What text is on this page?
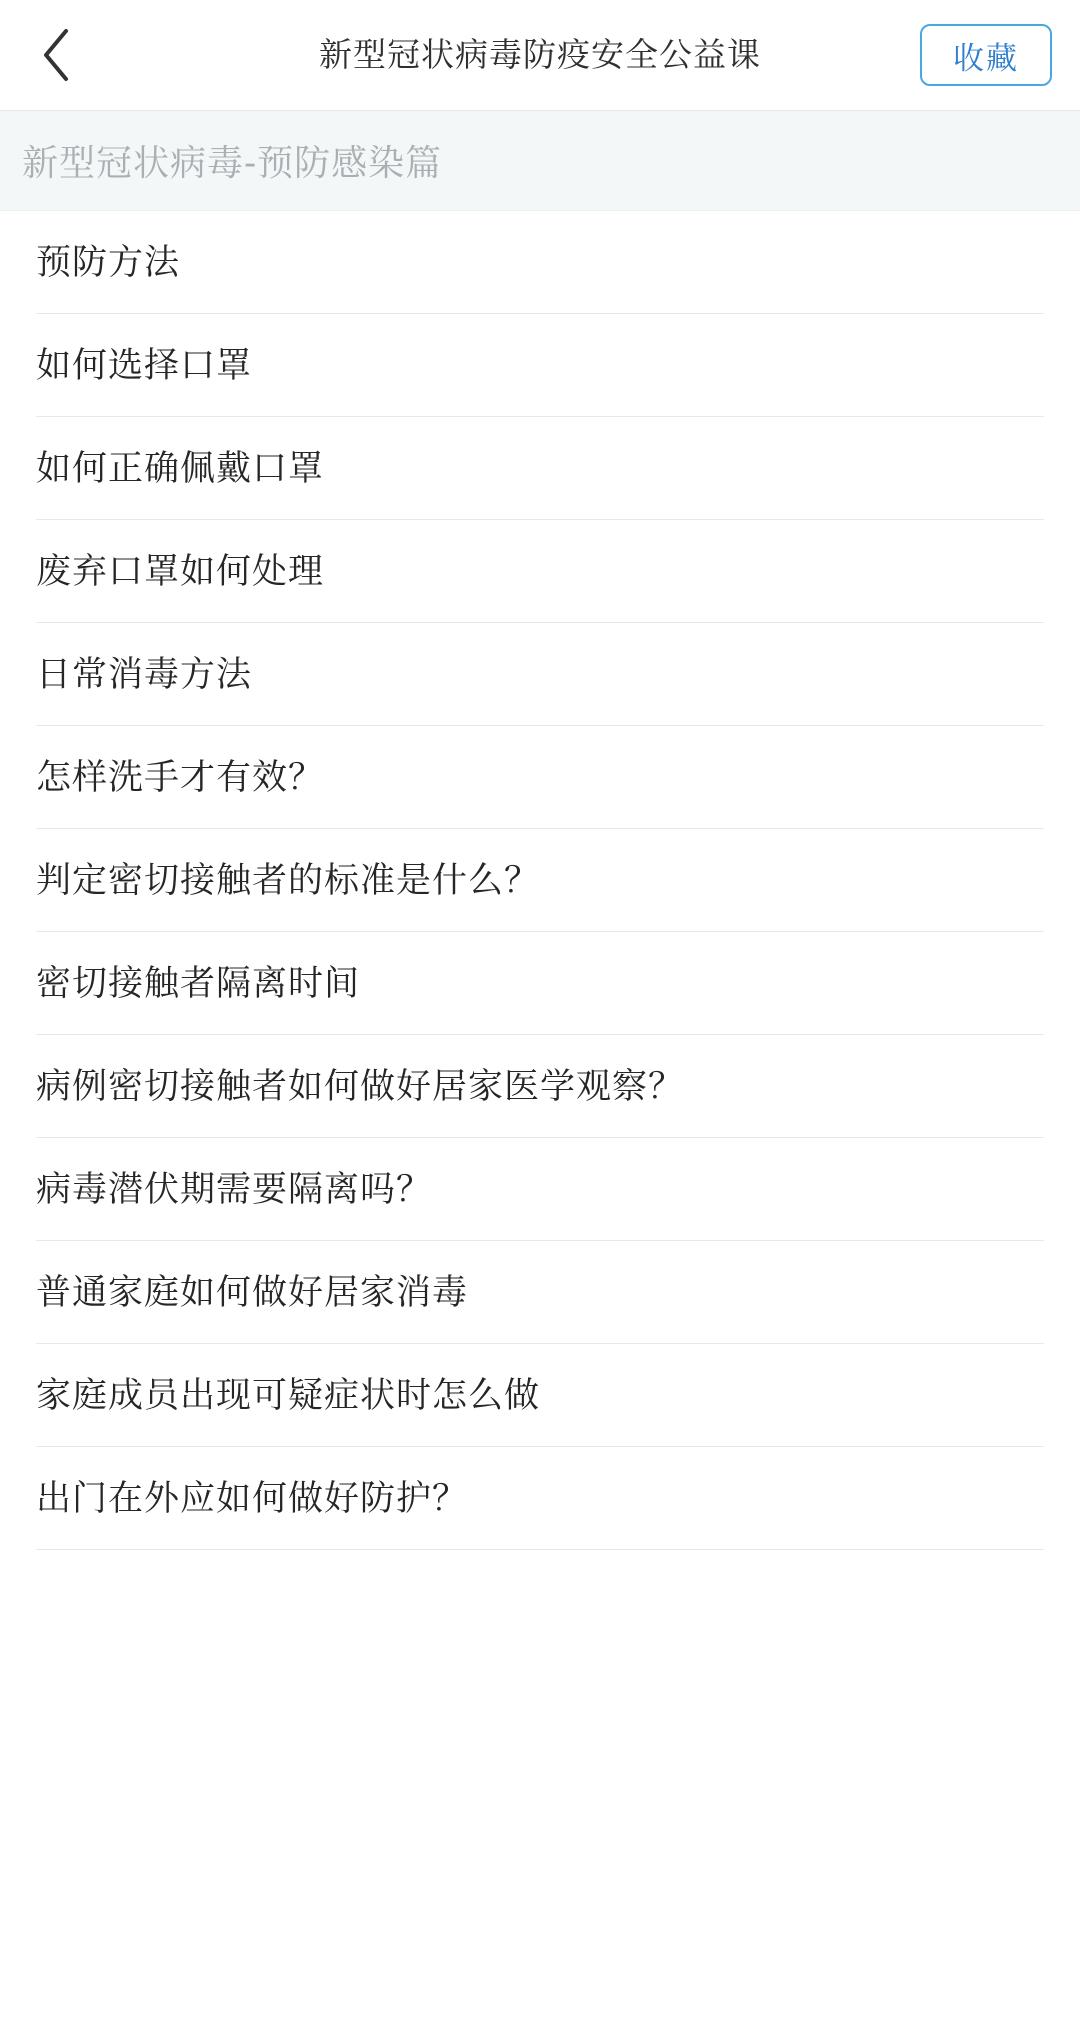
新型冠状病毒防疫安全公益课	收藏
新型冠状病毒-预防感染篇
预防方法
如何选择口罩
如何正确佩戴口罩
废弃口罩如何处理
日常消毒方法
怎样洗手才有效？
判定密切接触者的标准是什么？
密切接触者隔离时间
病例密切接触者如何做好居家医学观察？
病毒潜伏期需要隔离吗？
普通家庭如何做好居家消毒
家庭成员出现可疑症状时怎么做
出门在外应如何做好防护？
